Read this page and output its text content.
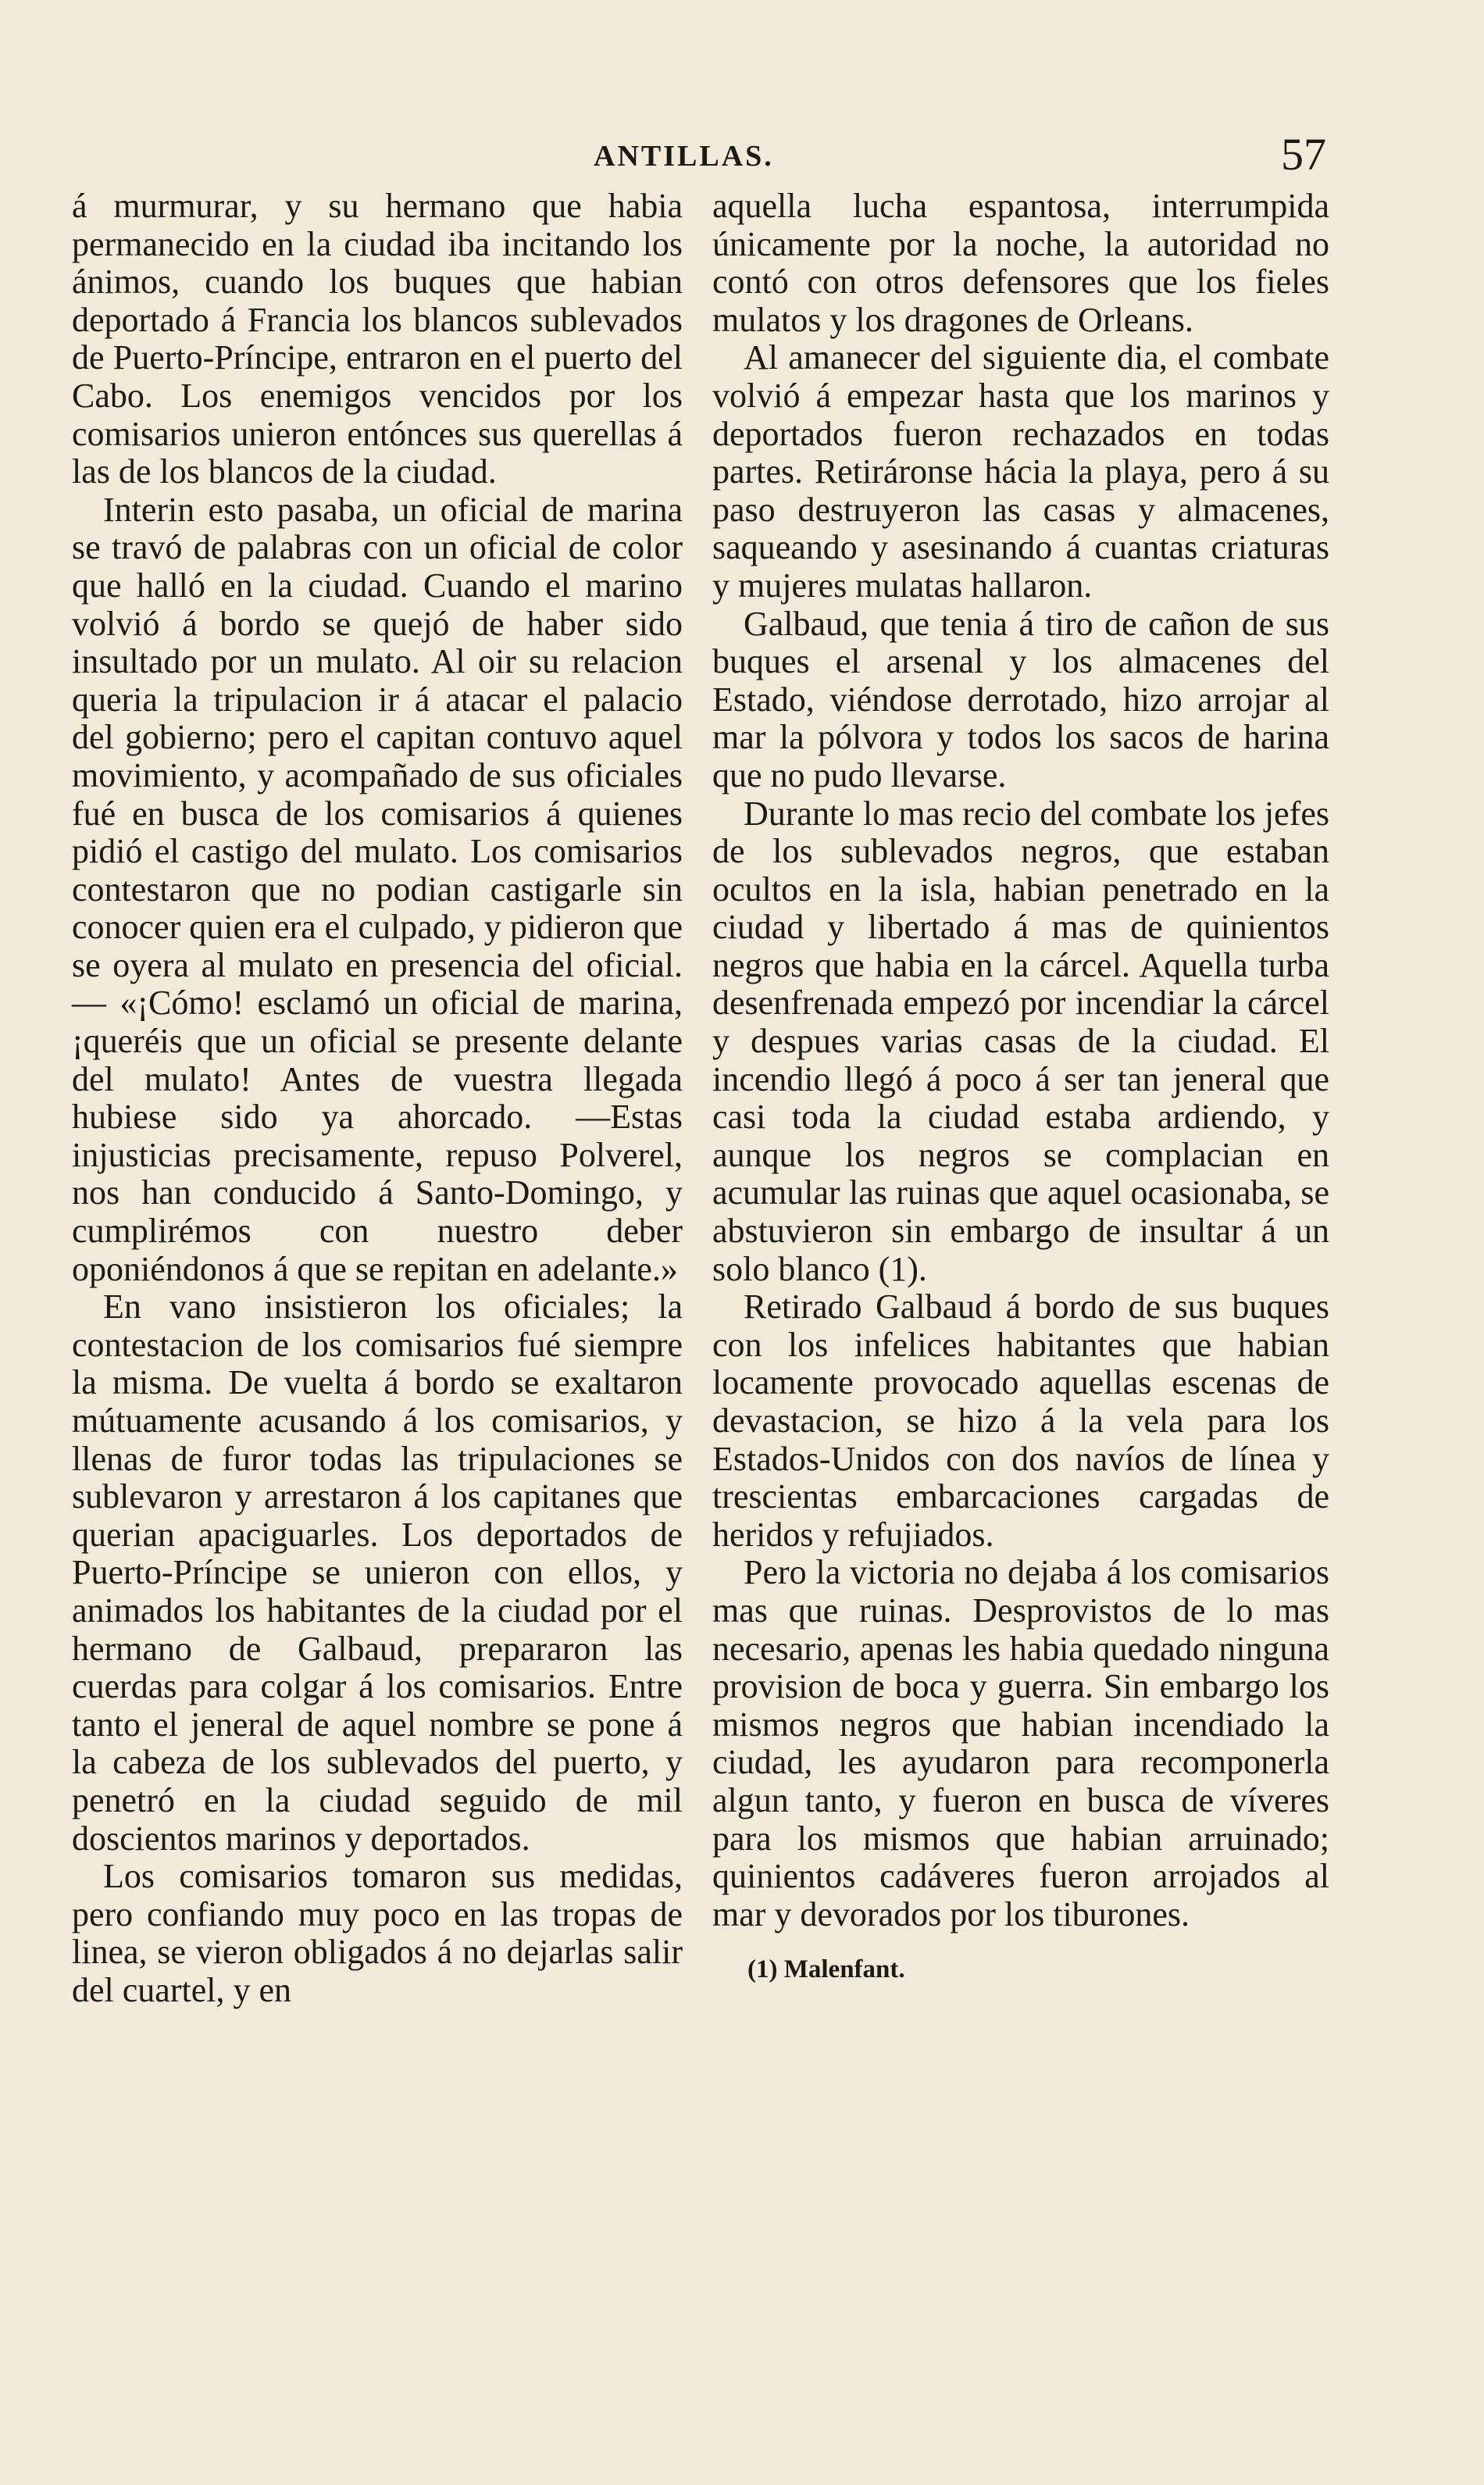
ANTILLAS.	57

á murmurar, y su hermano que habia permanecido en la ciudad iba incitando los ánimos, cuando los buques que habian deportado á Francia los blancos sublevados de Puerto-Príncipe, entraron en el puerto del Cabo. Los enemigos vencidos por los comisarios unieron entónces sus querellas á las de los blancos de la ciudad.

Interin esto pasaba, un oficial de marina se travó de palabras con un oficial de color que halló en la ciudad. Cuando el marino volvió á bordo se quejó de haber sido insultado por un mulato. Al oir su relacion queria la tripulacion ir á atacar el palacio del gobierno; pero el capitan contuvo aquel movimiento, y acompañado de sus oficiales fué en busca de los comisarios á quienes pidió el castigo del mulato. Los comisarios contestaron que no podian castigarle sin conocer quien era el culpado, y pidieron que se oyera al mulato en presencia del oficial. — «¡Cómo! esclamó un oficial de marina, ¡queréis que un oficial se presente delante del mulato! Antes de vuestra llegada hubiese sido ya ahorcado. —Estas injusticias precisamente, repuso Polverel, nos han conducido á Santo-Domingo, y cumplirémos con nuestro deber oponiéndonos á que se repitan en adelante.»

En vano insistieron los oficiales; la contestacion de los comisarios fué siempre la misma. De vuelta á bordo se exaltaron mútuamente acusando á los comisarios, y llenas de furor todas las tripulaciones se sublevaron y arrestaron á los capitanes que querian apaciguarles. Los deportados de Puerto-Príncipe se unieron con ellos, y animados los habitantes de la ciudad por el hermano de Galbaud, prepararon las cuerdas para colgar á los comisarios. Entre tanto el jeneral de aquel nombre se pone á la cabeza de los sublevados del puerto, y penetró en la ciudad seguido de mil doscientos marinos y deportados.

Los comisarios tomaron sus medidas, pero confiando muy poco en las tropas de linea, se vieron obligados á no dejarlas salir del cuartel, y en

aquella lucha espantosa, interrumpida únicamente por la noche, la autoridad no contó con otros defensores que los fieles mulatos y los dragones de Orleans.

Al amanecer del siguiente dia, el combate volvió á empezar hasta que los marinos y deportados fueron rechazados en todas partes. Retiráronse hácia la playa, pero á su paso destruyeron las casas y almacenes, saqueando y asesinando á cuantas criaturas y mujeres mulatas hallaron.

Galbaud, que tenia á tiro de cañon de sus buques el arsenal y los almacenes del Estado, viéndose derrotado, hizo arrojar al mar la pólvora y todos los sacos de harina que no pudo llevarse.

Durante lo mas recio del combate los jefes de los sublevados negros, que estaban ocultos en la isla, habian penetrado en la ciudad y libertado á mas de quinientos negros que habia en la cárcel. Aquella turba desenfrenada empezó por incendiar la cárcel y despues varias casas de la ciudad. El incendio llegó á poco á ser tan jeneral que casi toda la ciudad estaba ardiendo, y aunque los negros se complacian en acumular las ruinas que aquel ocasionaba, se abstuvieron sin embargo de insultar á un solo blanco (1).

Retirado Galbaud á bordo de sus buques con los infelices habitantes que habian locamente provocado aquellas escenas de devastacion, se hizo á la vela para los Estados-Unidos con dos navíos de línea y trescientas embarcaciones cargadas de heridos y refujiados.

Pero la victoria no dejaba á los comisarios mas que ruinas. Desprovistos de lo mas necesario, apenas les habia quedado ninguna provision de boca y guerra. Sin embargo los mismos negros que habian incendiado la ciudad, les ayudaron para recomponerla algun tanto, y fueron en busca de víveres para los mismos que habian arruinado; quinientos cadáveres fueron arrojados al mar y devorados por los tiburones.

(1) Malenfant.
